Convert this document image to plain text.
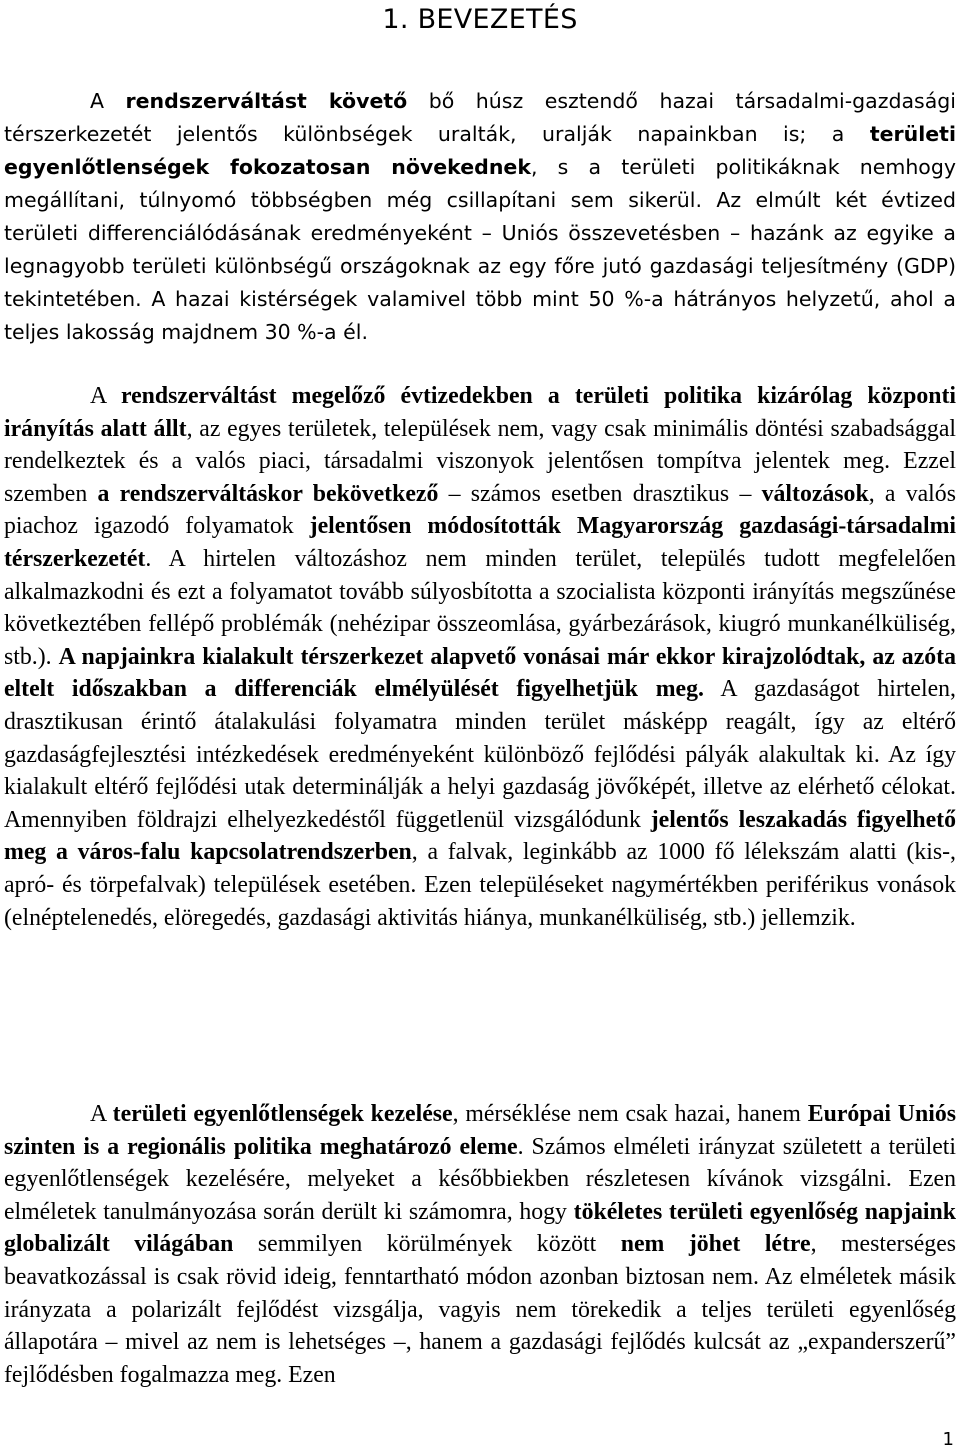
1. BEVEZETÉS

A rendszerváltást követő bő húsz esztendő hazai társadalmi-gazdasági térszerkezetét jelentős különbségek uralták, uralják napainkban is; a területi egyenlőtlenségek fokozatosan növekednek, s a területi politikáknak nemhogy megállítani, túlnyomó többségben még csillapítani sem sikerül. Az elmúlt két évtized területi differenciálódásának eredményeként – Uniós összevetésben – hazánk az egyike a legnagyobb területi különbségű országoknak az egy főre jutó gazdasági teljesítmény (GDP) tekintetében. A hazai kistérségek valamivel több mint 50 %-a hátrányos helyzetű, ahol a teljes lakosság majdnem 30 %-a él.

A rendszerváltást megelőző évtizedekben a területi politika kizárólag központi irányítás alatt állt, az egyes területek, települések nem, vagy csak minimális döntési szabadsággal rendelkeztek és a valós piaci, társadalmi viszonyok jelentősen tompítva jelentek meg. Ezzel szemben a rendszerváltáskor bekövetkező – számos esetben drasztikus – változások, a valós piachoz igazodó folyamatok jelentősen módosították Magyarország gazdasági-társadalmi térszerkezetét. A hirtelen változáshoz nem minden terület, település tudott megfelelően alkalmazkodni és ezt a folyamatot tovább súlyosbította a szocialista központi irányítás megszűnése következtében fellépő problémák (nehézipar összeomlása, gyárbezárások, kiugró munkanélküliség, stb.). A napjainkra kialakult térszerkezet alapvető vonásai már ekkor kirajzolódtak, az azóta eltelt időszakban a differenciák elmélyülését figyelhetjük meg. A gazdaságot hirtelen, drasztikusan érintő átalakulási folyamatra minden terület másképp reagált, így az eltérő gazdaságfejlesztési intézkedések eredményeként különböző fejlődési pályák alakultak ki. Az így kialakult eltérő fejlődési utak determinálják a helyi gazdaság jövőképét, illetve az elérhető célokat. Amennyiben földrajzi elhelyezkedéstől függetlenül vizsgálódunk jelentős leszakadás figyelhető meg a város-falu kapcsolatrendszerben, a falvak, leginkább az 1000 fő lélekszám alatti (kis-, apró- és törpefalvak) települések esetében. Ezen településeket nagymértékben periférikus vonások (elnéptelenedés, elöregedés, gazdasági aktivitás hiánya, munkanélküliség, stb.) jellemzik.

A területi egyenlőtlenségek kezelése, mérséklése nem csak hazai, hanem Európai Uniós szinten is a regionális politika meghatározó eleme. Számos elméleti irányzat született a területi egyenlőtlenségek kezelésére, melyeket a későbbiekben részletesen kívánok vizsgálni. Ezen elméletek tanulmányozása során derült ki számomra, hogy tökéletes területi egyenlőség napjaink globalizált világában semmilyen körülmények között nem jöhet létre, mesterséges beavatkozással is csak rövid ideig, fenntartható módon azonban biztosan nem. Az elméletek másik irányzata a polarizált fejlődést vizsgálja, vagyis nem törekedik a teljes területi egyenlőség állapotára – mivel az nem is lehetséges –, hanem a gazdasági fejlődés kulcsát az „expanderszerű” fejlődésben fogalmazza meg. Ezen

1
